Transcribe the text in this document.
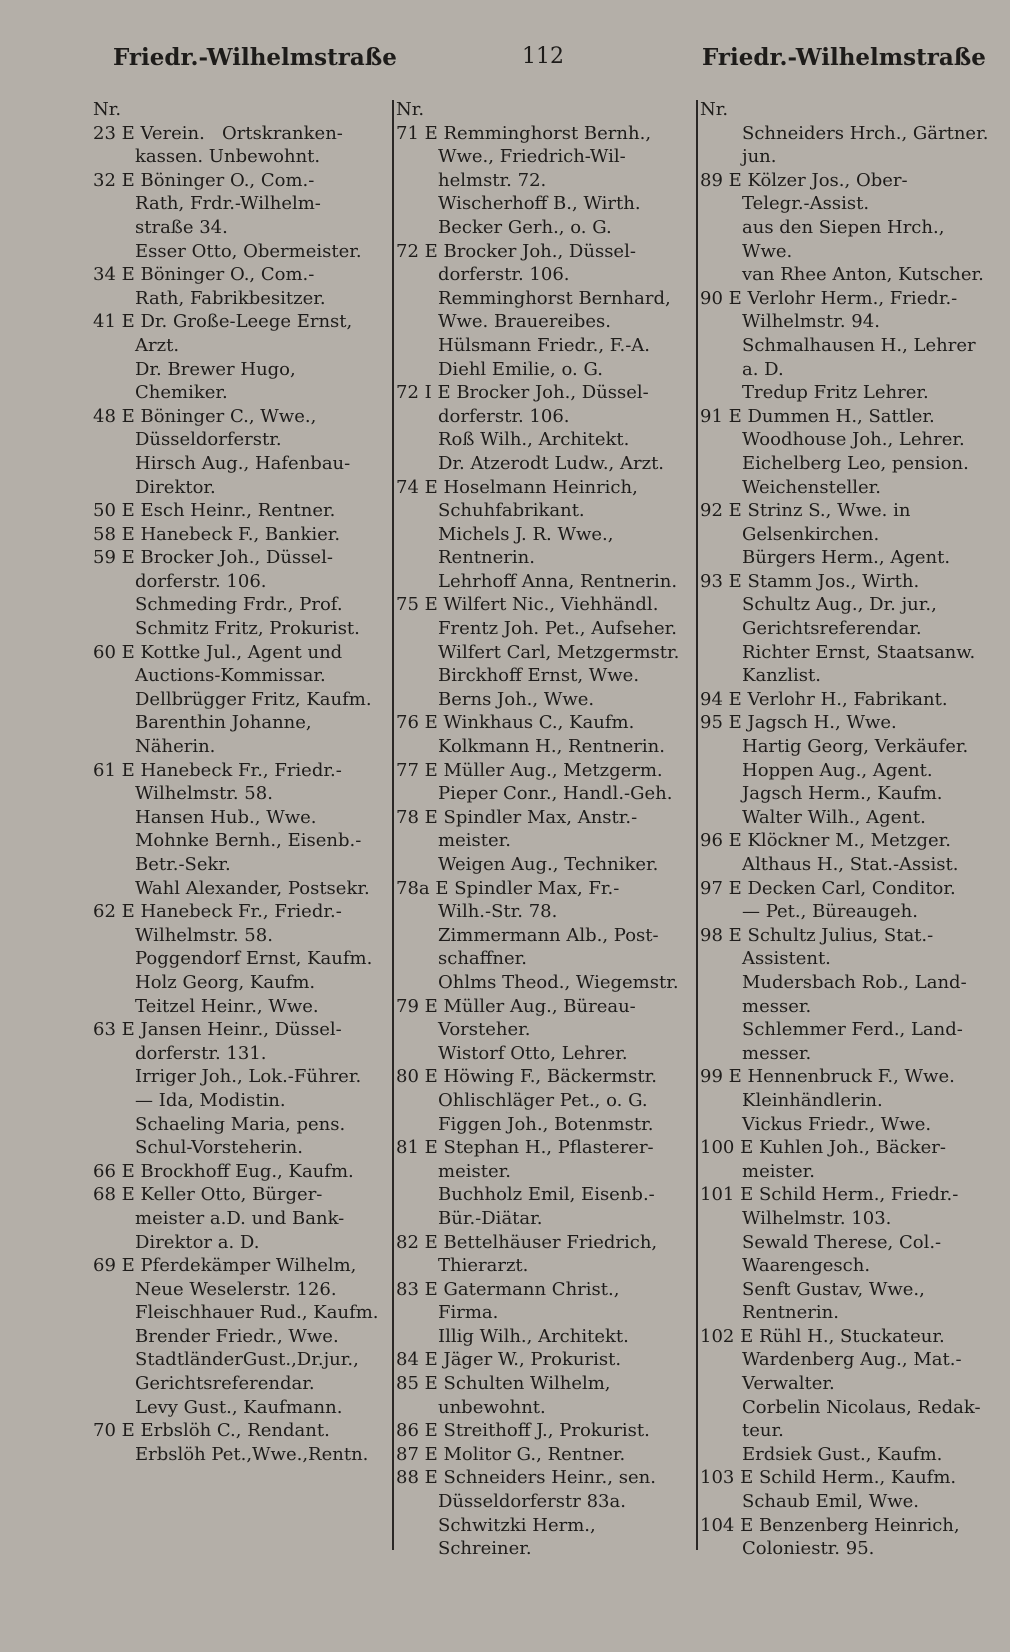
Friedr.-Wilhelmstraße	112	Friedr.-Wilhelmstraße
Nr.
23 E Verein.   Ortskranken-
kassen. Unbewohnt.
32 E Böninger O., Com.-
Rath, Frdr.-Wilhelm-
straße 34.
Esser Otto, Obermeister.
34 E Böninger O., Com.-
Rath, Fabrikbesitzer.
41 E Dr. Große-Leege Ernst,
Arzt.
Dr. Brewer Hugo,
Chemiker.
48 E Böninger C., Wwe.,
Düsseldorferstr.
Hirsch Aug., Hafenbau-
Direktor.
50 E Esch Heinr., Rentner.
58 E Hanebeck F., Bankier.
59 E Brocker Joh., Düssel-
dorferstr. 106.
Schmeding Frdr., Prof.
Schmitz Fritz, Prokurist.
60 E Kottke Jul., Agent und
Auctions-Kommissar.
Dellbrügger Fritz, Kaufm.
Barenthin Johanne,
Näherin.
61 E Hanebeck Fr., Friedr.-
Wilhelmstr. 58.
Hansen Hub., Wwe.
Mohnke Bernh., Eisenb.-
Betr.-Sekr.
Wahl Alexander, Postsekr.
62 E Hanebeck Fr., Friedr.-
Wilhelmstr. 58.
Poggendorf Ernst, Kaufm.
Holz Georg, Kaufm.
Teitzel Heinr., Wwe.
63 E Jansen Heinr., Düssel-
dorferstr. 131.
Irriger Joh., Lok.-Führer.
— Ida, Modistin.
Schaeling Maria, pens.
Schul-Vorsteherin.
66 E Brockhoff Eug., Kaufm.
68 E Keller Otto, Bürger-
meister a.D. und Bank-
Direktor a. D.
69 E Pferdekämper Wilhelm,
Neue Weselerstr. 126.
Fleischhauer Rud., Kaufm.
Brender Friedr., Wwe.
StadtländerGust.,Dr.jur.,
Gerichtsreferendar.
Levy Gust., Kaufmann.
70 E Erbslöh C., Rendant.
Erbslöh Pet.,Wwe.,Rentn.
Nr.
71 E Remminghorst Bernh.,
Wwe., Friedrich-Wil-
helmstr. 72.
Wischerhoff B., Wirth.
Becker Gerh., o. G.
72 E Brocker Joh., Düssel-
dorferstr. 106.
Remminghorst Bernhard,
Wwe. Brauereibes.
Hülsmann Friedr., F.-A.
Diehl Emilie, o. G.
72 I E Brocker Joh., Düssel-
dorferstr. 106.
Roß Wilh., Architekt.
Dr. Atzerodt Ludw., Arzt.
74 E Hoselmann Heinrich,
Schuhfabrikant.
Michels J. R. Wwe.,
Rentnerin.
Lehrhoff Anna, Rentnerin.
75 E Wilfert Nic., Viehhändl.
Frentz Joh. Pet., Aufseher.
Wilfert Carl, Metzgermstr.
Birckhoff Ernst, Wwe.
Berns Joh., Wwe.
76 E Winkhaus C., Kaufm.
Kolkmann H., Rentnerin.
77 E Müller Aug., Metzgerm.
Pieper Conr., Handl.-Geh.
78 E Spindler Max, Anstr.-
meister.
Weigen Aug., Techniker.
78a E Spindler Max, Fr.-
Wilh.-Str. 78.
Zimmermann Alb., Post-
schaffner.
Ohlms Theod., Wiegemstr.
79 E Müller Aug., Büreau-
Vorsteher.
Wistorf Otto, Lehrer.
80 E Höwing F., Bäckermstr.
Ohlischläger Pet., o. G.
Figgen Joh., Botenmstr.
81 E Stephan H., Pflasterer-
meister.
Buchholz Emil, Eisenb.-
Bür.-Diätar.
82 E Bettelhäuser Friedrich,
Thierarzt.
83 E Gatermann Christ.,
Firma.
Illig Wilh., Architekt.
84 E Jäger W., Prokurist.
85 E Schulten Wilhelm,
unbewohnt.
86 E Streithoff J., Prokurist.
87 E Molitor G., Rentner.
88 E Schneiders Heinr., sen.
Düsseldorferstr 83a.
Schwitzki Herm., Schreiner.
Nr.
Schneiders Hrch., Gärtner.
jun.
89 E Kölzer Jos., Ober-
Telegr.-Assist.
aus den Siepen Hrch., Wwe.
van Rhee Anton, Kutscher.
90 E Verlohr Herm., Friedr.-
Wilhelmstr. 94.
Schmalhausen H., Lehrer
a. D.
Tredup Fritz Lehrer.
91 E Dummen H., Sattler.
Woodhouse Joh., Lehrer.
Eichelberg Leo, pension.
Weichensteller.
92 E Strinz S., Wwe. in
Gelsenkirchen.
Bürgers Herm., Agent.
93 E Stamm Jos., Wirth.
Schultz Aug., Dr. jur.,
Gerichtsreferendar.
Richter Ernst, Staatsanw.
Kanzlist.
94 E Verlohr H., Fabrikant.
95 E Jagsch H., Wwe.
Hartig Georg, Verkäufer.
Hoppen Aug., Agent.
Jagsch Herm., Kaufm.
Walter Wilh., Agent.
96 E Klöckner M., Metzger.
Althaus H., Stat.-Assist.
97 E Decken Carl, Conditor.
— Pet., Büreaugeh.
98 E Schultz Julius, Stat.-
Assistent.
Mudersbach Rob., Land-
messer.
Schlemmer Ferd., Land-
messer.
99 E Hennenbruck F., Wwe.
Kleinhändlerin.
Vickus Friedr., Wwe.
100 E Kuhlen Joh., Bäcker-
meister.
101 E Schild Herm., Friedr.-
Wilhelmstr. 103.
Sewald Therese, Col.-
Waarengesch.
Senft Gustav, Wwe.,
Rentnerin.
102 E Rühl H., Stuckateur.
Wardenberg Aug., Mat.-
Verwalter.
Corbelin Nicolaus, Redak-
teur.
Erdsiek Gust., Kaufm.
103 E Schild Herm., Kaufm.
Schaub Emil, Wwe.
104 E Benzenberg Heinrich,
Coloniestr. 95.
